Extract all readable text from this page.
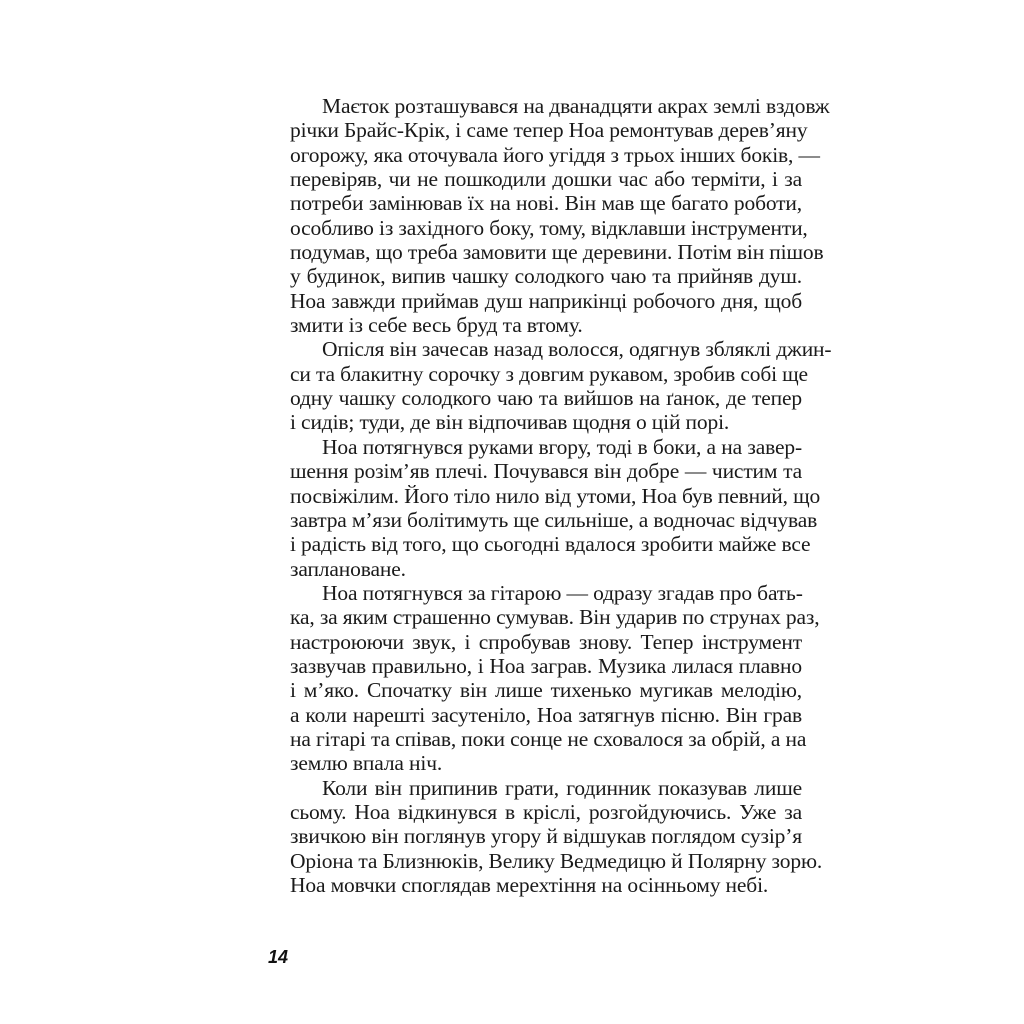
Маєток розташувався на дванадцяти акрах землі вздовж
річки Брайс-Крік, і саме тепер Ноа ремонтував дерев’яну
огорожу, яка оточувала його угіддя з трьох інших боків, —
перевіряв, чи не пошкодили дошки час або терміти, і за
потреби замінював їх на нові. Він мав ще багато роботи,
особливо із західного боку, тому, відклавши інструменти,
подумав, що треба замовити ще деревини. Потім він пішов
у будинок, випив чашку солодкого чаю та прийняв душ.
Ноа завжди приймав душ наприкінці робочого дня, щоб
змити із себе весь бруд та втому.

Опісля він зачесав назад волосся, одягнув збляклі джин-
си та блакитну сорочку з довгим рукавом, зробив собі ще
одну чашку солодкого чаю та вийшов на ґанок, де тепер
і сидів; туди, де він відпочивав щодня о цій порі.

Ноа потягнувся руками вгору, тоді в боки, а на завер-
шення розім’яв плечі. Почувався він добре — чистим та
посвіжілим. Його тіло нило від утоми, Ноа був певний, що
завтра м’язи болітимуть ще сильніше, а водночас відчував
і радість від того, що сьогодні вдалося зробити майже все
заплановане.

Ноа потягнувся за гітарою — одразу згадав про бать-
ка, за яким страшенно сумував. Він ударив по струнах раз,
настроюючи звук, і спробував знову. Тепер інструмент
зазвучав правильно, і Ноа заграв. Музика лилася плавно
і м’яко. Спочатку він лише тихенько мугикав мелодію,
а коли нарешті засутеніло, Ноа затягнув пісню. Він грав
на гітарі та співав, поки сонце не сховалося за обрій, а на
землю впала ніч.

Коли він припинив грати, годинник показував лише
сьому. Ноа відкинувся в кріслі, розгойдуючись. Уже за
звичкою він поглянув угору й відшукав поглядом сузір’я
Оріона та Близнюків, Велику Ведмедицю й Полярну зорю.
Ноа мовчки споглядав мерехтіння на осінньому небі.

14
